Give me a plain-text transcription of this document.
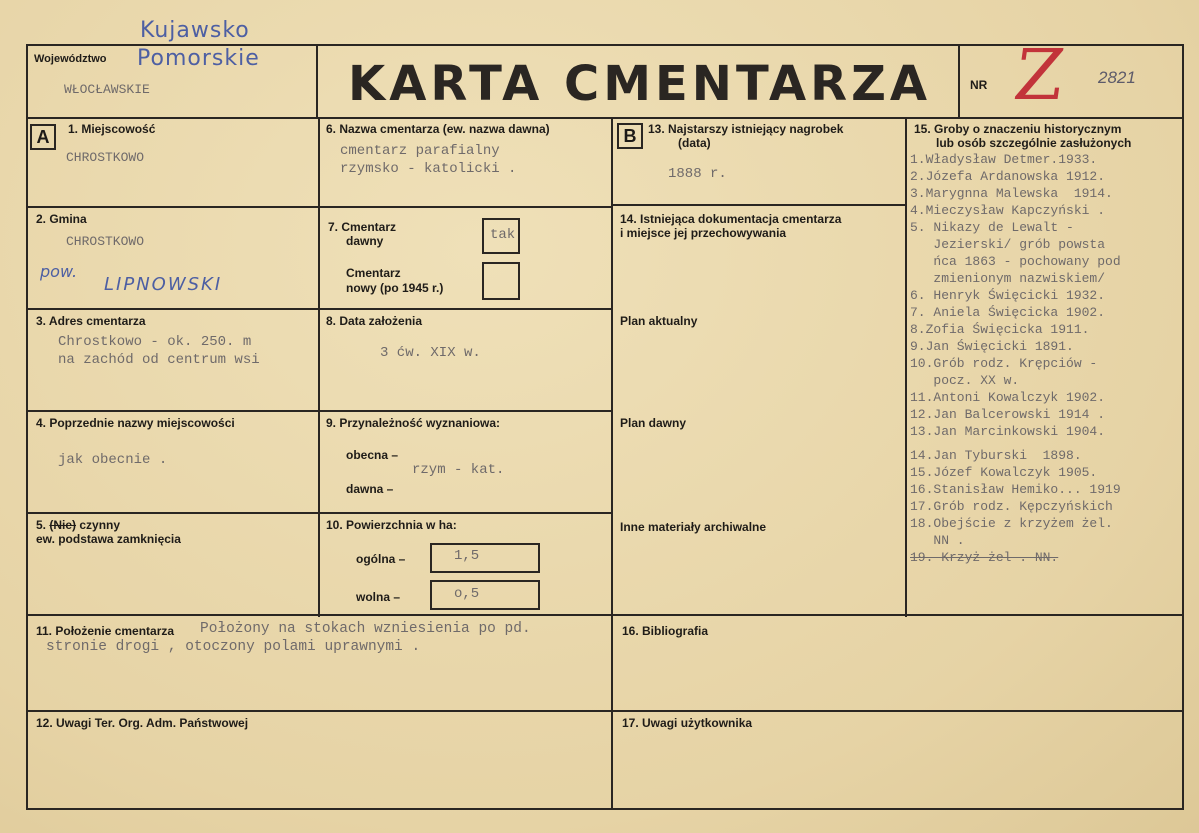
Kujawsko
Pomorskie
Województwo
WŁOCŁAWSKIE	KARTA CMENTARZA	NR Z 2821
A	B
1. Miejscowość
CHROSTKOWO
2. Gmina
CHROSTKOWO
pow.
LIPNOWSKI
3. Adres cmentarza
Chrostkowo - ok. 250. m
na zachód od centrum wsi
4. Poprzednie nazwy miejscowości
jak obecnie .
5. (Nie) czynny
ew. podstawa zamknięcia
6. Nazwa cmentarza (ew. nazwa dawna)
cmentarz parafialny
rzymsko - katolicki .
7. Cmentarz
dawny	tak
Cmentarz
nowy (po 1945 r.)
8. Data założenia
3 ćw. XIX w.
9. Przynależność wyznaniowa:
obecna –
rzym - kat.
dawna –
10. Powierzchnia w ha:
ogólna –	1,5
wolna –	o,5
11. Położenie cmentarza Położony na stokach wzniesienia po pd.
stronie drogi , otoczony polami uprawnymi .
12. Uwagi Ter. Org. Adm. Państwowej
13. Najstarszy istniejący nagrobek
(data)
1888 r.
14. Istniejąca dokumentacja cmentarza
i miejsce jej przechowywania
Plan aktualny
Plan dawny
Inne materiały archiwalne
15. Groby o znaczeniu historycznym
lub osób szczególnie zasłużonych
1.Władysław Detmer.1933.
2.Józefa Ardanowska 1912.
3.Marygnna Malewska  1914.
4.Mieczysław Kapczyński .
5. Nikazy de Lewalt -
Jezierski/ grób powsta
ńca 1863 - pochowany pod
zmienionym nazwiskiem/
6. Henryk Święcicki 1932.
7. Aniela Święcicka 1902.
8.Zofia Święcicka 1911.
9.Jan Święcicki 1891.
10.Grób rodz. Krępciów -
pocz. XX w.
11.Antoni Kowalczyk 1902.
12.Jan Balcerowski 1914 .
13.Jan Marcinkowski 1904.
14.Jan Tyburski  1898.
15.Józef Kowalczyk 1905.
16.Stanisław Hemiko... 1919
17.Grób rodz. Kępczyńskich
18.Obejście z krzyżem żel.
NN .
19. Krzyż żel . NN.
16. Bibliografia
17. Uwagi użytkownika
